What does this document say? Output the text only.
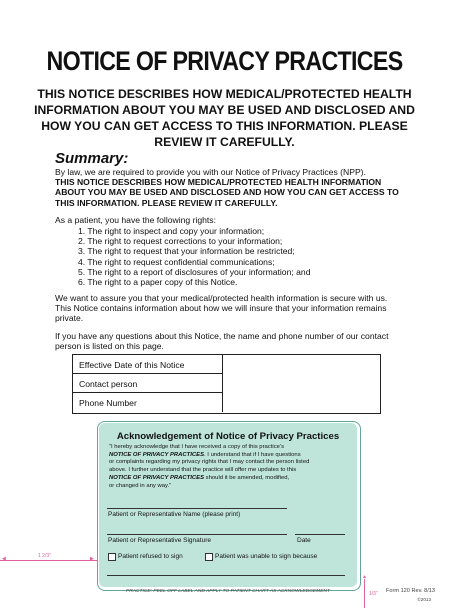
NOTICE OF PRIVACY PRACTICES
THIS NOTICE DESCRIBES HOW MEDICAL/PROTECTED HEALTH INFORMATION ABOUT YOU MAY BE USED AND DISCLOSED AND HOW YOU CAN GET ACCESS TO THIS INFORMATION. PLEASE REVIEW IT CAREFULLY.
Summary:
By law, we are required to provide you with our Notice of Privacy Practices (NPP).
THIS NOTICE DESCRIBES HOW MEDICAL/PROTECTED HEALTH INFORMATION ABOUT YOU MAY BE USED AND DISCLOSED AND HOW YOU CAN GET ACCESS TO THIS INFORMATION. PLEASE REVIEW IT CAREFULLY.
As a patient, you have the following rights:
1. The right to inspect and copy your information;
2. The right to request corrections to your information;
3. The right to request that your information be restricted;
4. The right to request confidential communications;
5. The right to a report of disclosures of your information; and
6. The right to a paper copy of this Notice.
We want to assure you that your medical/protected health information is secure with us. This Notice contains information about how we will insure that your information remains private.
If you have any questions about this Notice, the name and phone number of our contact person is listed on this page.
Effective Date of this Notice
Contact person
Phone Number
Acknowledgement of Notice of Privacy Practices
“I hereby acknowledge that I have received a copy of this practice’s
NOTICE OF PRIVACY PRACTICES. I understand that if I have questions
or complaints regarding my privacy rights that I may contact the person listed
above. I further understand that the practice will offer me updates to this
NOTICE OF PRIVACY PRACTICES should it be amended, modified,
or changed in any way.”
Patient or Representative Name (please print)
Patient or Representative Signature	Date
Patient refused to sign	Patient was unable to sign because
PRACTICE: PEEL OFF LABEL AND APPLY TO PATIENT CHART AS ACKNOWLEDGEMENT
◀	▶
1 2/3"
▲
1/3" Form 120 Rev. 8/13
©2013
